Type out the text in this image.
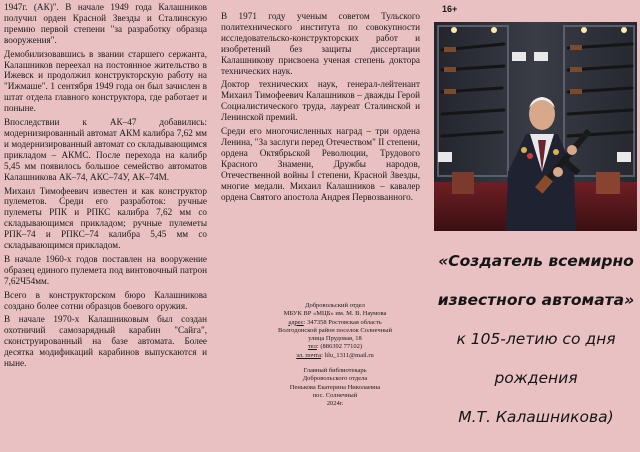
1947г. (АК)". В начале 1949 года Калашников получил орден Красной Звезды и Сталинскую премию первой степени "за разработку образца вооружения".

Демобилизовавшись в звании старшего сержанта, Калашников переехал на постоянное жительство в Ижевск и продолжил конструкторскую работу на "Ижмаше". 1 сентября 1949 года он был зачислен в штат отдела главного конструктора, где работает и поныне.

Впоследствии к АК–47 добавились: модернизированный автомат АКМ калибра 7,62 мм и модернизированный автомат со складывающимся прикладом – АКМС. После перехода на калибр 5,45 мм появилось большое семейство автоматов Калашникова АК–74, АКС–74У, АК–74М.

Михаил Тимофеевич известен и как конструктор пулеметов. Среди его разработок: ручные пулеметы РПК и РПКС калибра 7,62 мм со складывающимся прикладом; ручные пулеметы РПК–74 и РПКС–74 калибра 5,45 мм со складывающимся прикладом.

В начале 1960-х годов поставлен на вооружение образец единого пулемета под винтовочный патрон 7,62Ч54мм.

Всего в конструкторском бюро Калашникова создано более сотни образцов боевого оружия.

В начале 1970-х Калашниковым был создан охотничий самозарядный карабин "Сайга", сконструированный на базе автомата. Более десятка модификаций карабинов выпускаются и ныне.

В 1971 году ученым советом Тульского политехнического института по совокупности исследовательско-конструкторских работ и изобретений без защиты диссертации Калашникову присвоена ученая степень доктора технических наук.

Доктор технических наук, генерал-лейтенант Михаил Тимофеевич Калашников – дважды Герой Социалистического труда, лауреат Сталинской и Ленинской премий.

Среди его многочисленных наград – три ордена Ленина, "За заслуги перед Отечеством" II степени, ордена Октябрьской Революции, Трудового Красного Знамени, Дружбы народов, Отечественной войны I степени, Красной Звезды, многие медали. Михаил Калашников – кавалер ордена Святого апостола Андрея Первозванного.

Добровольский отдел
МБУК ВР «МЦБ» им. М. В. Наумова
адрес: 347358 Ростовская область
Волгодонской район поселок Солнечный
улица Прудовая, 18
тел: (886392 77102)
эл. почта: lilu_1311@mail.ru
Главный библиотекарь
Добровольского отдела
Пенькова Екатерина Николаевна
пос. Солнечный
2024г.
16+
«Создатель всемирно
известного автомата»
к 105-летию со дня
рождения
М.Т. Калашникова)
